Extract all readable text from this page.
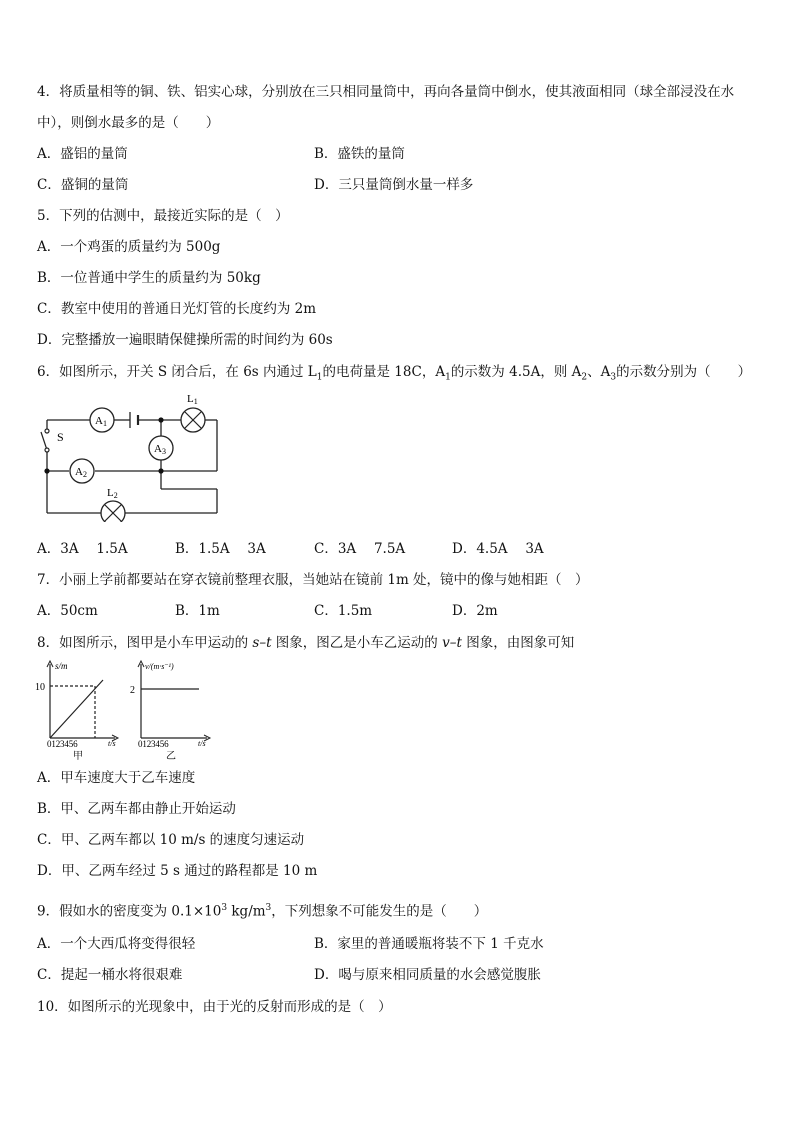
4．将质量相等的铜、铁、铝实心球，分别放在三只相同量筒中，再向各量筒中倒水，使其液面相同（球全部浸没在水
中），则倒水最多的是（　　）
A．盛铝的量筒	B．盛铁的量筒
C．盛铜的量筒	D．三只量筒倒水量一样多
5．下列的估测中，最接近实际的是（　）
A．一个鸡蛋的质量约为 500g
B．一位普通中学生的质量约为 50kg
C．教室中使用的普通日光灯管的长度约为 2m
D．完整播放一遍眼睛保健操所需的时间约为 60s
6．如图所示，开关 S 闭合后，在 6s 内通过 $L_1$的电荷量是 18C，$A_1$的示数为 4.5A，则 $A_2$、$A_3$的示数分别为（　　）
S
A1
L1
A3
A2
L2
A．3A　 1.5A	B．1.5A　 3A	C．3A　 7.5A	D．4.5A　 3A
7．小丽上学前都要站在穿衣镜前整理衣服，当她站在镜前 1m 处，镜中的像与她相距（　）
A．50cm	B．1m	C．1.5m	D．2m
8．如图所示，图甲是小车甲运动的 s–t 图象，图乙是小车乙运动的 v–t 图象，由图象可知
s/m
10
0 1 2 3 4 5 6	t/s
甲
v/(m·s⁻¹)
2
0 1 2 3 4 5 6	t/s
乙
A．甲车速度大于乙车速度
B．甲、乙两车都由静止开始运动
C．甲、乙两车都以 10 m/s 的速度匀速运动
D．甲、乙两车经过 5 s 通过的路程都是 10 m
9．假如水的密度变为 $0.1\times 10^3$ $kg/m^3$，下列想象不可能发生的是（　　）
A．一个大西瓜将变得很轻	B．家里的普通暖瓶将装不下 1 千克水
C．提起一桶水将很艰难	D．喝与原来相同质量的水会感觉腹胀
10．如图所示的光现象中，由于光的反射而形成的是（　）
